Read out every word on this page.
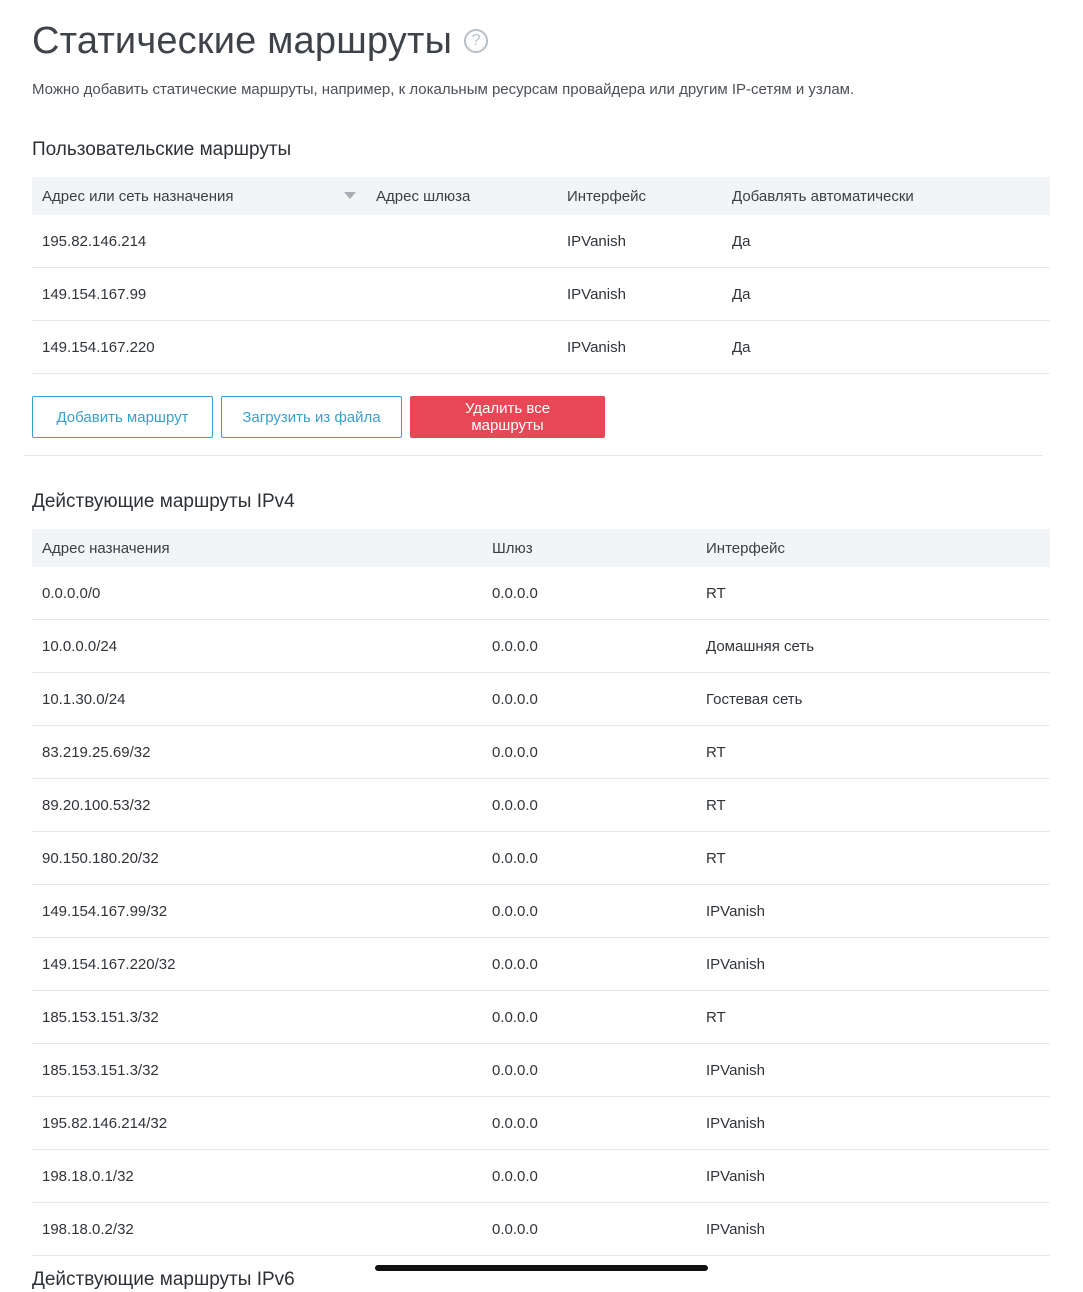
Статические маршруты	?

Можно добавить статические маршруты, например, к локальным ресурсам провайдера или другим IP-сетям и узлам.

Пользовательские маршруты
Адрес или сеть назначения	Адрес шлюза	Интерфейс	Добавлять автоматически
195.82.146.214		IPVanish	Да
149.154.167.99		IPVanish	Да
149.154.167.220		IPVanish	Да
Добавить маршрут	Загрузить из файла	Удалить все маршруты
Действующие маршруты IPv4
Адрес назначения	Шлюз	Интерфейс
0.0.0.0/0	0.0.0.0	RT
10.0.0.0/24	0.0.0.0	Домашняя сеть
10.1.30.0/24	0.0.0.0	Гостевая сеть
83.219.25.69/32	0.0.0.0	RT
89.20.100.53/32	0.0.0.0	RT
90.150.180.20/32	0.0.0.0	RT
149.154.167.99/32	0.0.0.0	IPVanish
149.154.167.220/32	0.0.0.0	IPVanish
185.153.151.3/32	0.0.0.0	RT
185.153.151.3/32	0.0.0.0	IPVanish
195.82.146.214/32	0.0.0.0	IPVanish
198.18.0.1/32	0.0.0.0	IPVanish
198.18.0.2/32	0.0.0.0	IPVanish
Действующие маршруты IPv6
